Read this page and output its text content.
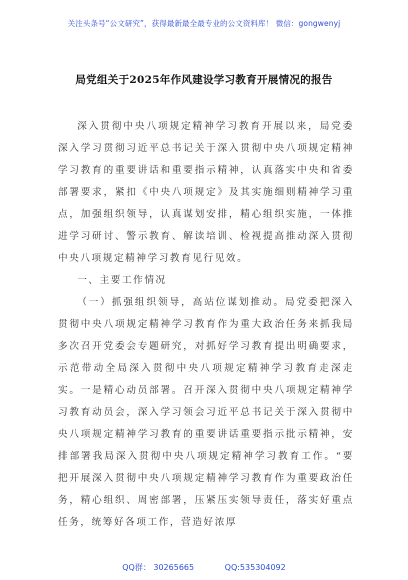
关注头条号“公文研究”，获得最新最全最专业的公文资料库！ 微信：gongwenyj
局党组关于2025年作风建设学习教育开展情况的报告

深入贯彻中央八项规定精神学习教育开展以来，局党委深入学习贯彻习近平总书记关于深入贯彻中央八项规定精神学习教育的重要讲话和重要指示精神，认真落实中央和省委部署要求，紧扣《中央八项规定》及其实施细则精神学习重点，加强组织领导，认真谋划安排，精心组织实施，一体推进学习研讨、警示教育、解读培训、检视提高推动深入贯彻中央八项规定精神学习教育见行见效。

一、主要工作情况

（一）抓强组织领导，高站位谋划推动。局党委把深入贯彻中央八项规定精神学习教育作为重大政治任务来抓我局多次召开党委会专题研究，对抓好学习教育提出明确要求，示范带动全局深入贯彻中央八项规定精神学习教育走深走实。一是精心动员部署。召开深入贯彻中央八项规定精神学习教育动员会，深入学习领会习近平总书记关于深入贯彻中央八项规定精神学习教育的重要讲话重要指示批示精神，安排部署我局深入贯彻中央八项规定精神学习教育工作。“要把开展深入贯彻中央八项规定精神学习教育作为重要政治任务，精心组织、周密部署，压紧压实领导责任，落实好重点任务，统筹好各项工作，营造好浓厚

QQ群： 30265665	QQ:535304092
